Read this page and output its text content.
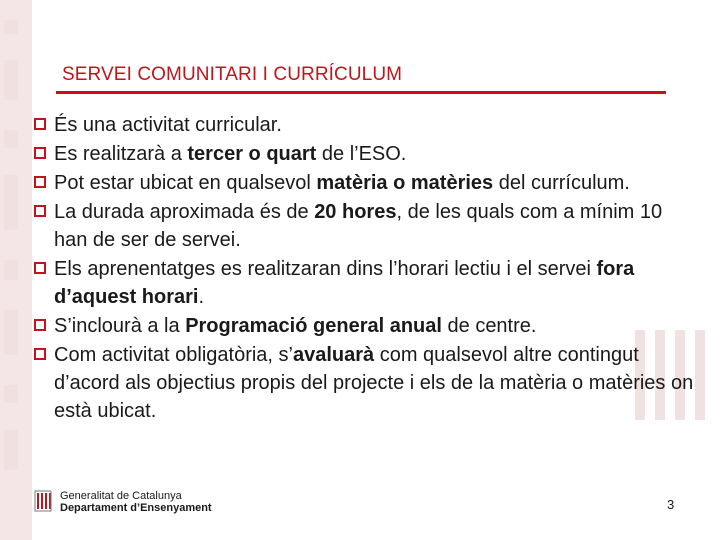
SERVEI COMUNITARI I CURRÍCULUM
És una activitat curricular.
Es realitzarà a tercer o quart de l’ESO.
Pot estar ubicat en qualsevol matèria o matèries del currículum.
La durada aproximada és de 20 hores, de les quals com a mínim 10 han de ser de servei.
Els aprenentatges es realitzaran dins l’horari lectiu i el servei fora d’aquest horari.
S’inclourà a la Programació general anual de centre.
Com activitat obligatòria, s’avaluarà com qualsevol altre contingut d’acord als objectius propis del projecte i els de la matèria o matèries on està ubicat.
Generalitat de Catalunya
Departament d’Ensenyament	3
